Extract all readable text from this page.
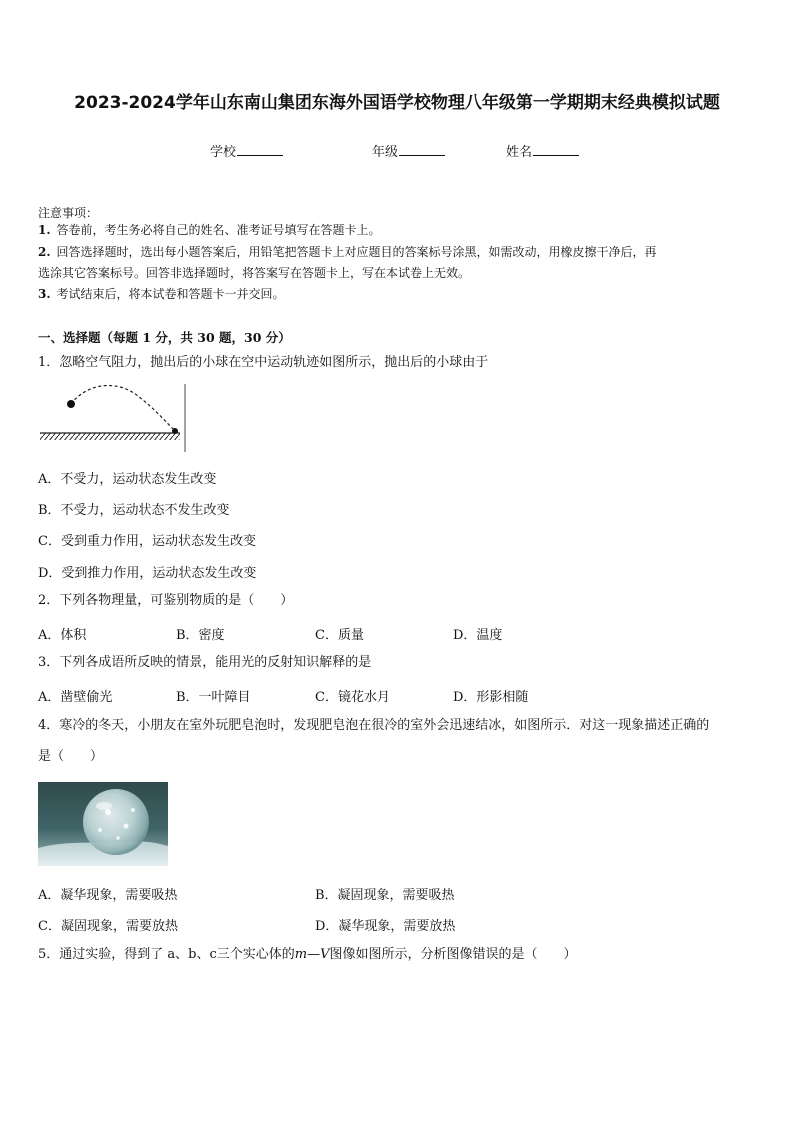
2023-2024学年山东南山集团东海外国语学校物理八年级第一学期期末经典模拟试题
学校	年级	姓名
注意事项：
1. 答卷前，考生务必将自己的姓名、准考证号填写在答题卡上。
2. 回答选择题时，选出每小题答案后，用铅笔把答题卡上对应题目的答案标号涂黑，如需改动，用橡皮擦干净后，再
选涂其它答案标号。回答非选择题时，将答案写在答题卡上，写在本试卷上无效。
3. 考试结束后，将本试卷和答题卡一并交回。
一、选择题（每题 1 分，共 30 题，30 分）
1．忽略空气阻力，抛出后的小球在空中运动轨迹如图所示，抛出后的小球由于
A．不受力，运动状态发生改变
B．不受力，运动状态不发生改变
C．受到重力作用，运动状态发生改变
D．受到推力作用，运动状态发生改变
2．下列各物理量，可鉴别物质的是（　　）
A．体积	B．密度	C．质量	D．温度
3．下列各成语所反映的情景，能用光的反射知识解释的是
A．凿壁偷光	B．一叶障目	C．镜花水月	D．形影相随
4．寒冷的冬天，小朋友在室外玩肥皂泡时，发现肥皂泡在很冷的室外会迅速结冰，如图所示．对这一现象描述正确的
是（　　）
A．凝华现象，需要吸热	B．凝固现象，需要吸热
C．凝固现象，需要放热	D．凝华现象，需要放热
5．通过实验，得到了 a、b、c三个实心体的m—V图像如图所示，分析图像错误的是（　　）
